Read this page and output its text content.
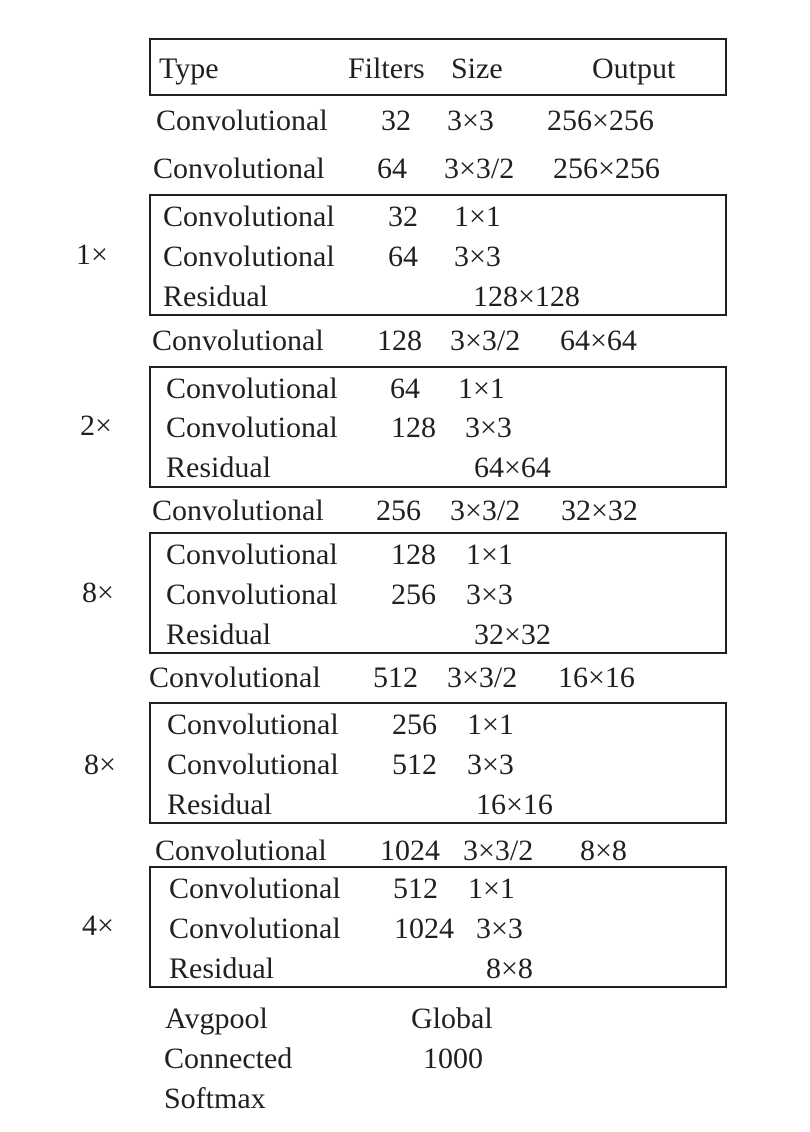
Type	Filters Size	Output
Convolutional 32 3×3 256×256
Convolutional 64 3×3/2 256×256
1×
Convolutional 32 1×1
Convolutional 64 3×3
Residual	128×128
Convolutional 128 3×3/2 64×64
2×
Convolutional 64 1×1
Convolutional 128 3×3
Residual	64×64
Convolutional 256 3×3/2 32×32
8×
Convolutional 128 1×1
Convolutional 256 3×3
Residual	32×32
Convolutional 512 3×3/2 16×16
8×
Convolutional 256 1×1
Convolutional 512 3×3
Residual	16×16
Convolutional 1024 3×3/2 8×8
4×
Convolutional 512 1×1
Convolutional 1024 3×3
Residual	8×8
Avgpool	Global
Connected	1000
Softmax
